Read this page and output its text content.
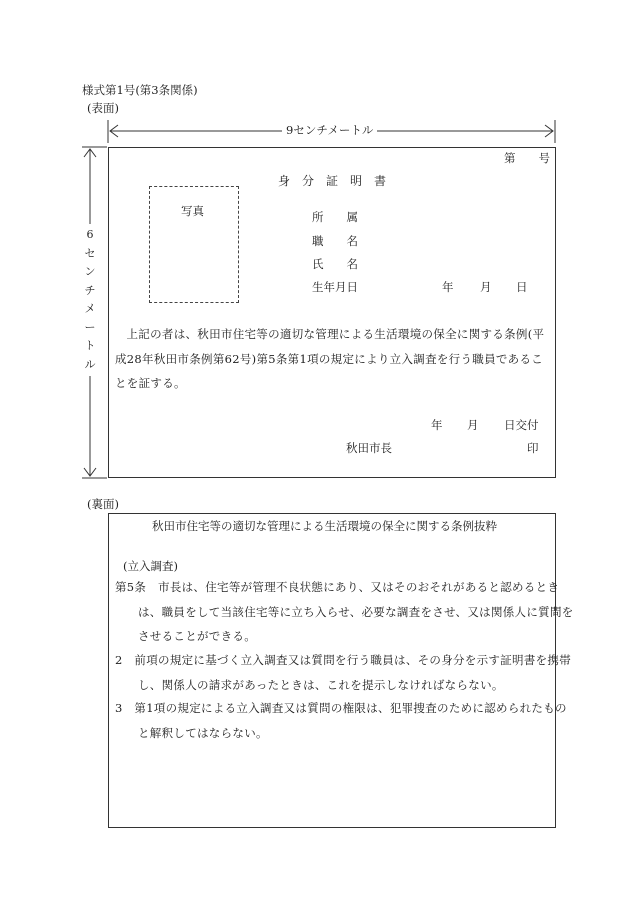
様式第1号(第3条関係)
(表面)
9センチメートル
6センチメートル
第　　号
身　分　証　明　書
写真	所　　属
職　　名
氏　　名
生年月日	年 月 日
上記の者は、秋田市住宅等の適切な管理による生活環境の保全に関する条例(平成28年秋田市条例第62号)第5条第1項の規定により立入調査を行う職員であることを証する。
年 月 日交付
秋田市長	印
(裏面)
秋田市住宅等の適切な管理による生活環境の保全に関する条例抜粋
(立入調査)
第5条　市長は、住宅等が管理不良状態にあり、又はそのおそれがあると認めるときは、職員をして当該住宅等に立ち入らせ、必要な調査をさせ、又は関係人に質問をさせることができる。
2　前項の規定に基づく立入調査又は質問を行う職員は、その身分を示す証明書を携帯し、関係人の請求があったときは、これを提示しなければならない。
3　第1項の規定による立入調査又は質問の権限は、犯罪捜査のために認められたものと解釈してはならない。
